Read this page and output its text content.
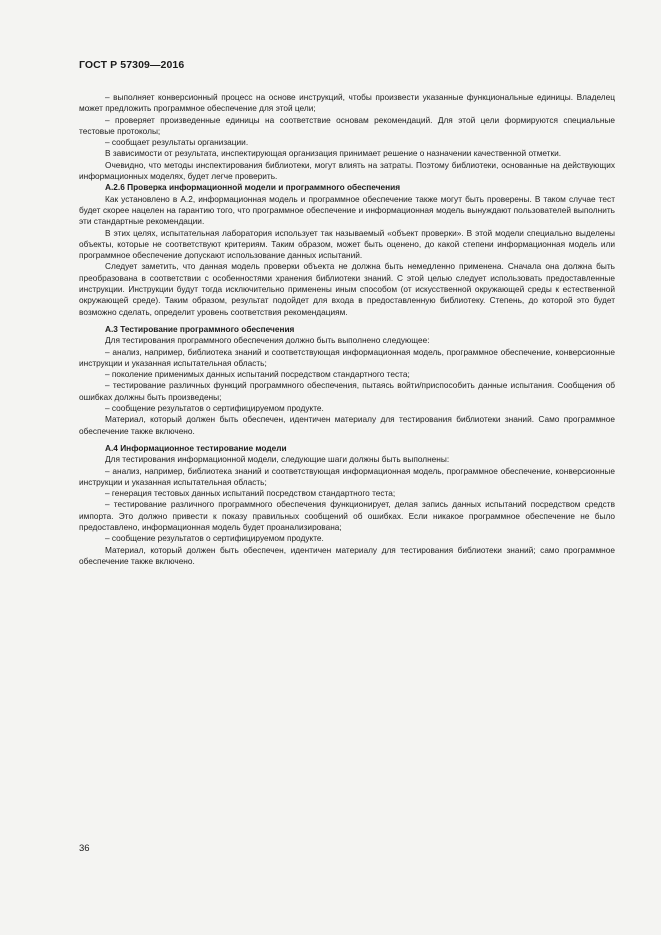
ГОСТ Р 57309—2016

– выполняет конверсионный процесс на основе инструкций, чтобы произвести указанные функциональные единицы. Владелец может предложить программное обеспечение для этой цели;

– проверяет произведенные единицы на соответствие основам рекомендаций. Для этой цели формируются специальные тестовые протоколы;

– сообщает результаты организации.

В зависимости от результата, инспектирующая организация принимает решение о назначении качественной отметки.

Очевидно, что методы инспектирования библиотеки, могут влиять на затраты. Поэтому библиотеки, основанные на действующих информационных моделях, будет легче проверить.

А.2.6 Проверка информационной модели и программного обеспечения

Как установлено в А.2, информационная модель и программное обеспечение также могут быть проверены. В таком случае тест будет скорее нацелен на гарантию того, что программное обеспечение и информационная модель вынуждают пользователей выполнить эти стандартные рекомендации.

В этих целях, испытательная лаборатория использует так называемый «объект проверки». В этой модели специально выделены объекты, которые не соответствуют критериям. Таким образом, может быть оценено, до какой степени информационная модель или программное обеспечение допускают использование данных испытаний.

Следует заметить, что данная модель проверки объекта не должна быть немедленно применена. Сначала она должна быть преобразована в соответствии с особенностями хранения библиотеки знаний. С этой целью следует использовать предоставленные инструкции. Инструкции будут тогда исключительно применены иным способом (от искусственной окружающей среды к естественной окружающей среде). Таким образом, результат подойдет для входа в предоставленную библиотеку. Степень, до которой это будет возможно сделать, определит уровень соответствия рекомендациям.

А.3 Тестирование программного обеспечения

Для тестирования программного обеспечения должно быть выполнено следующее:

– анализ, например, библиотека знаний и соответствующая информационная модель, программное обеспечение, конверсионные инструкции и указанная испытательная область;

– поколение применимых данных испытаний посредством стандартного теста;

– тестирование различных функций программного обеспечения, пытаясь войти/приспособить данные испытания. Сообщения об ошибках должны быть произведены;

– сообщение результатов о сертифицируемом продукте.

Материал, который должен быть обеспечен, идентичен материалу для тестирования библиотеки знаний. Само программное обеспечение также включено.

А.4 Информационное тестирование модели

Для тестирования информационной модели, следующие шаги должны быть выполнены:

– анализ, например, библиотека знаний и соответствующая информационная модель, программное обеспечение, конверсионные инструкции и указанная испытательная область;

– генерация тестовых данных испытаний посредством стандартного теста;

– тестирование различного программного обеспечения функционирует, делая запись данных испытаний посредством средств импорта. Это должно привести к показу правильных сообщений об ошибках. Если никакое программное обеспечение не было предоставлено, информационная модель будет проанализирована;

– сообщение результатов о сертифицируемом продукте.

Материал, который должен быть обеспечен, идентичен материалу для тестирования библиотеки знаний; само программное обеспечение также включено.

36
